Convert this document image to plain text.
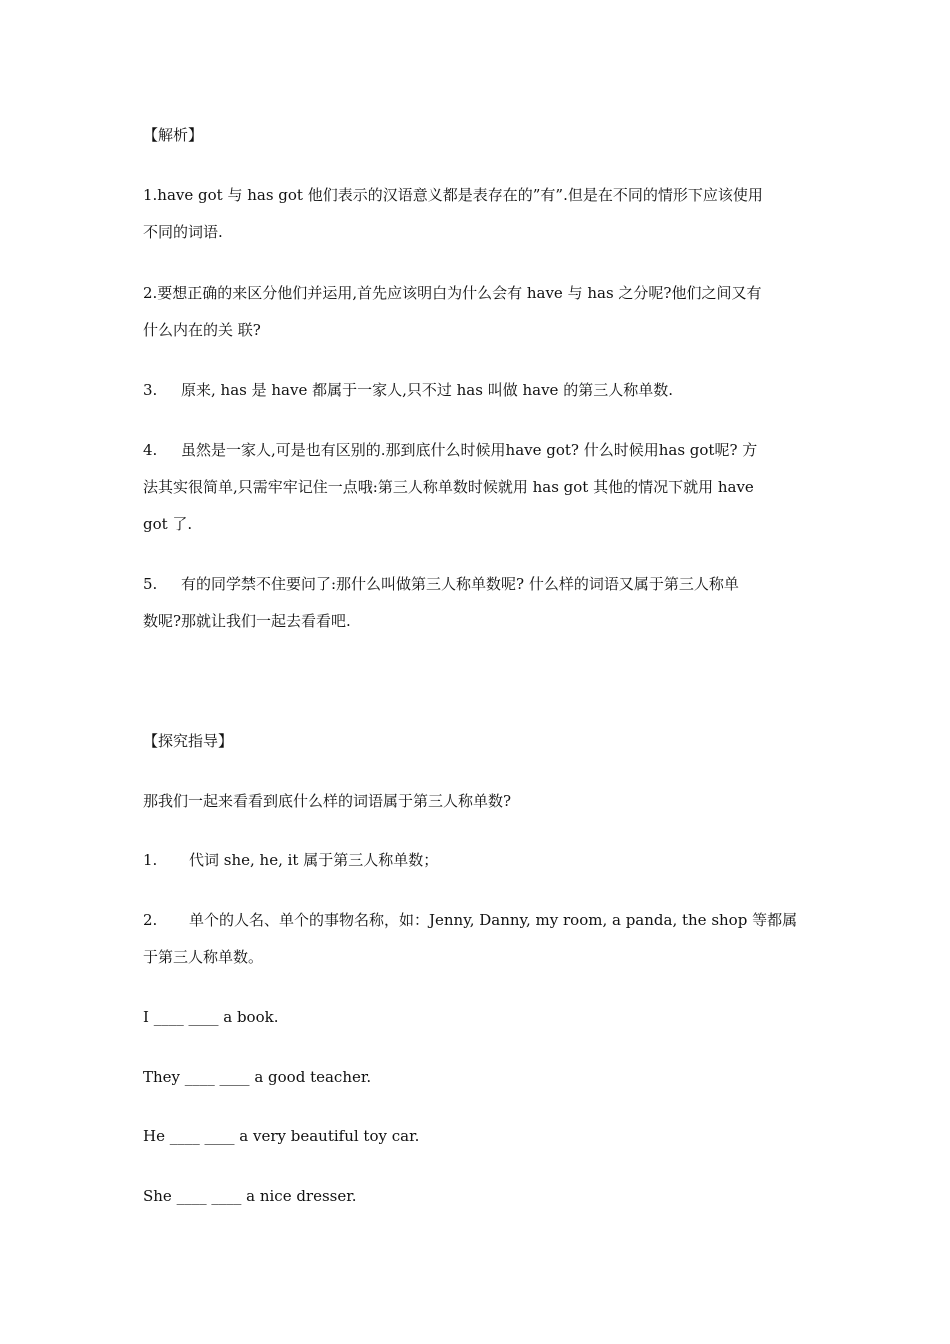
【解析】
1.have got 与 has got 他们表示的汉语意义都是表存在的”有”.但是在不同的情形下应该使用
不同的词语.
2.要想正确的来区分他们并运用,首先应该明白为什么会有 have 与 has 之分呢?他们之间又有
什么内在的关 联?
3. 原来, has 是 have 都属于一家人,只不过 has 叫做 have 的第三人称单数.
4. 虽然是一家人,可是也有区别的.那到底什么时候用have got? 什么时候用has got呢? 方
法其实很简单,只需牢牢记住一点哦:第三人称单数时候就用 has got 其他的情况下就用 have
got 了.
5. 有的同学禁不住要问了:那什么叫做第三人称单数呢? 什么样的词语又属于第三人称单
数呢?那就让我们一起去看看吧.
【探究指导】
那我们一起来看看到底什么样的词语属于第三人称单数?
1. 代词 she, he, it 属于第三人称单数；
2. 单个的人名、单个的事物名称，如：Jenny, Danny, my room, a panda, the shop 等都属
于第三人称单数。
I ____ ____ a book.
They ____ ____ a good teacher.
He ____ ____ a very beautiful toy car.
She ____ ____ a nice dresser.
